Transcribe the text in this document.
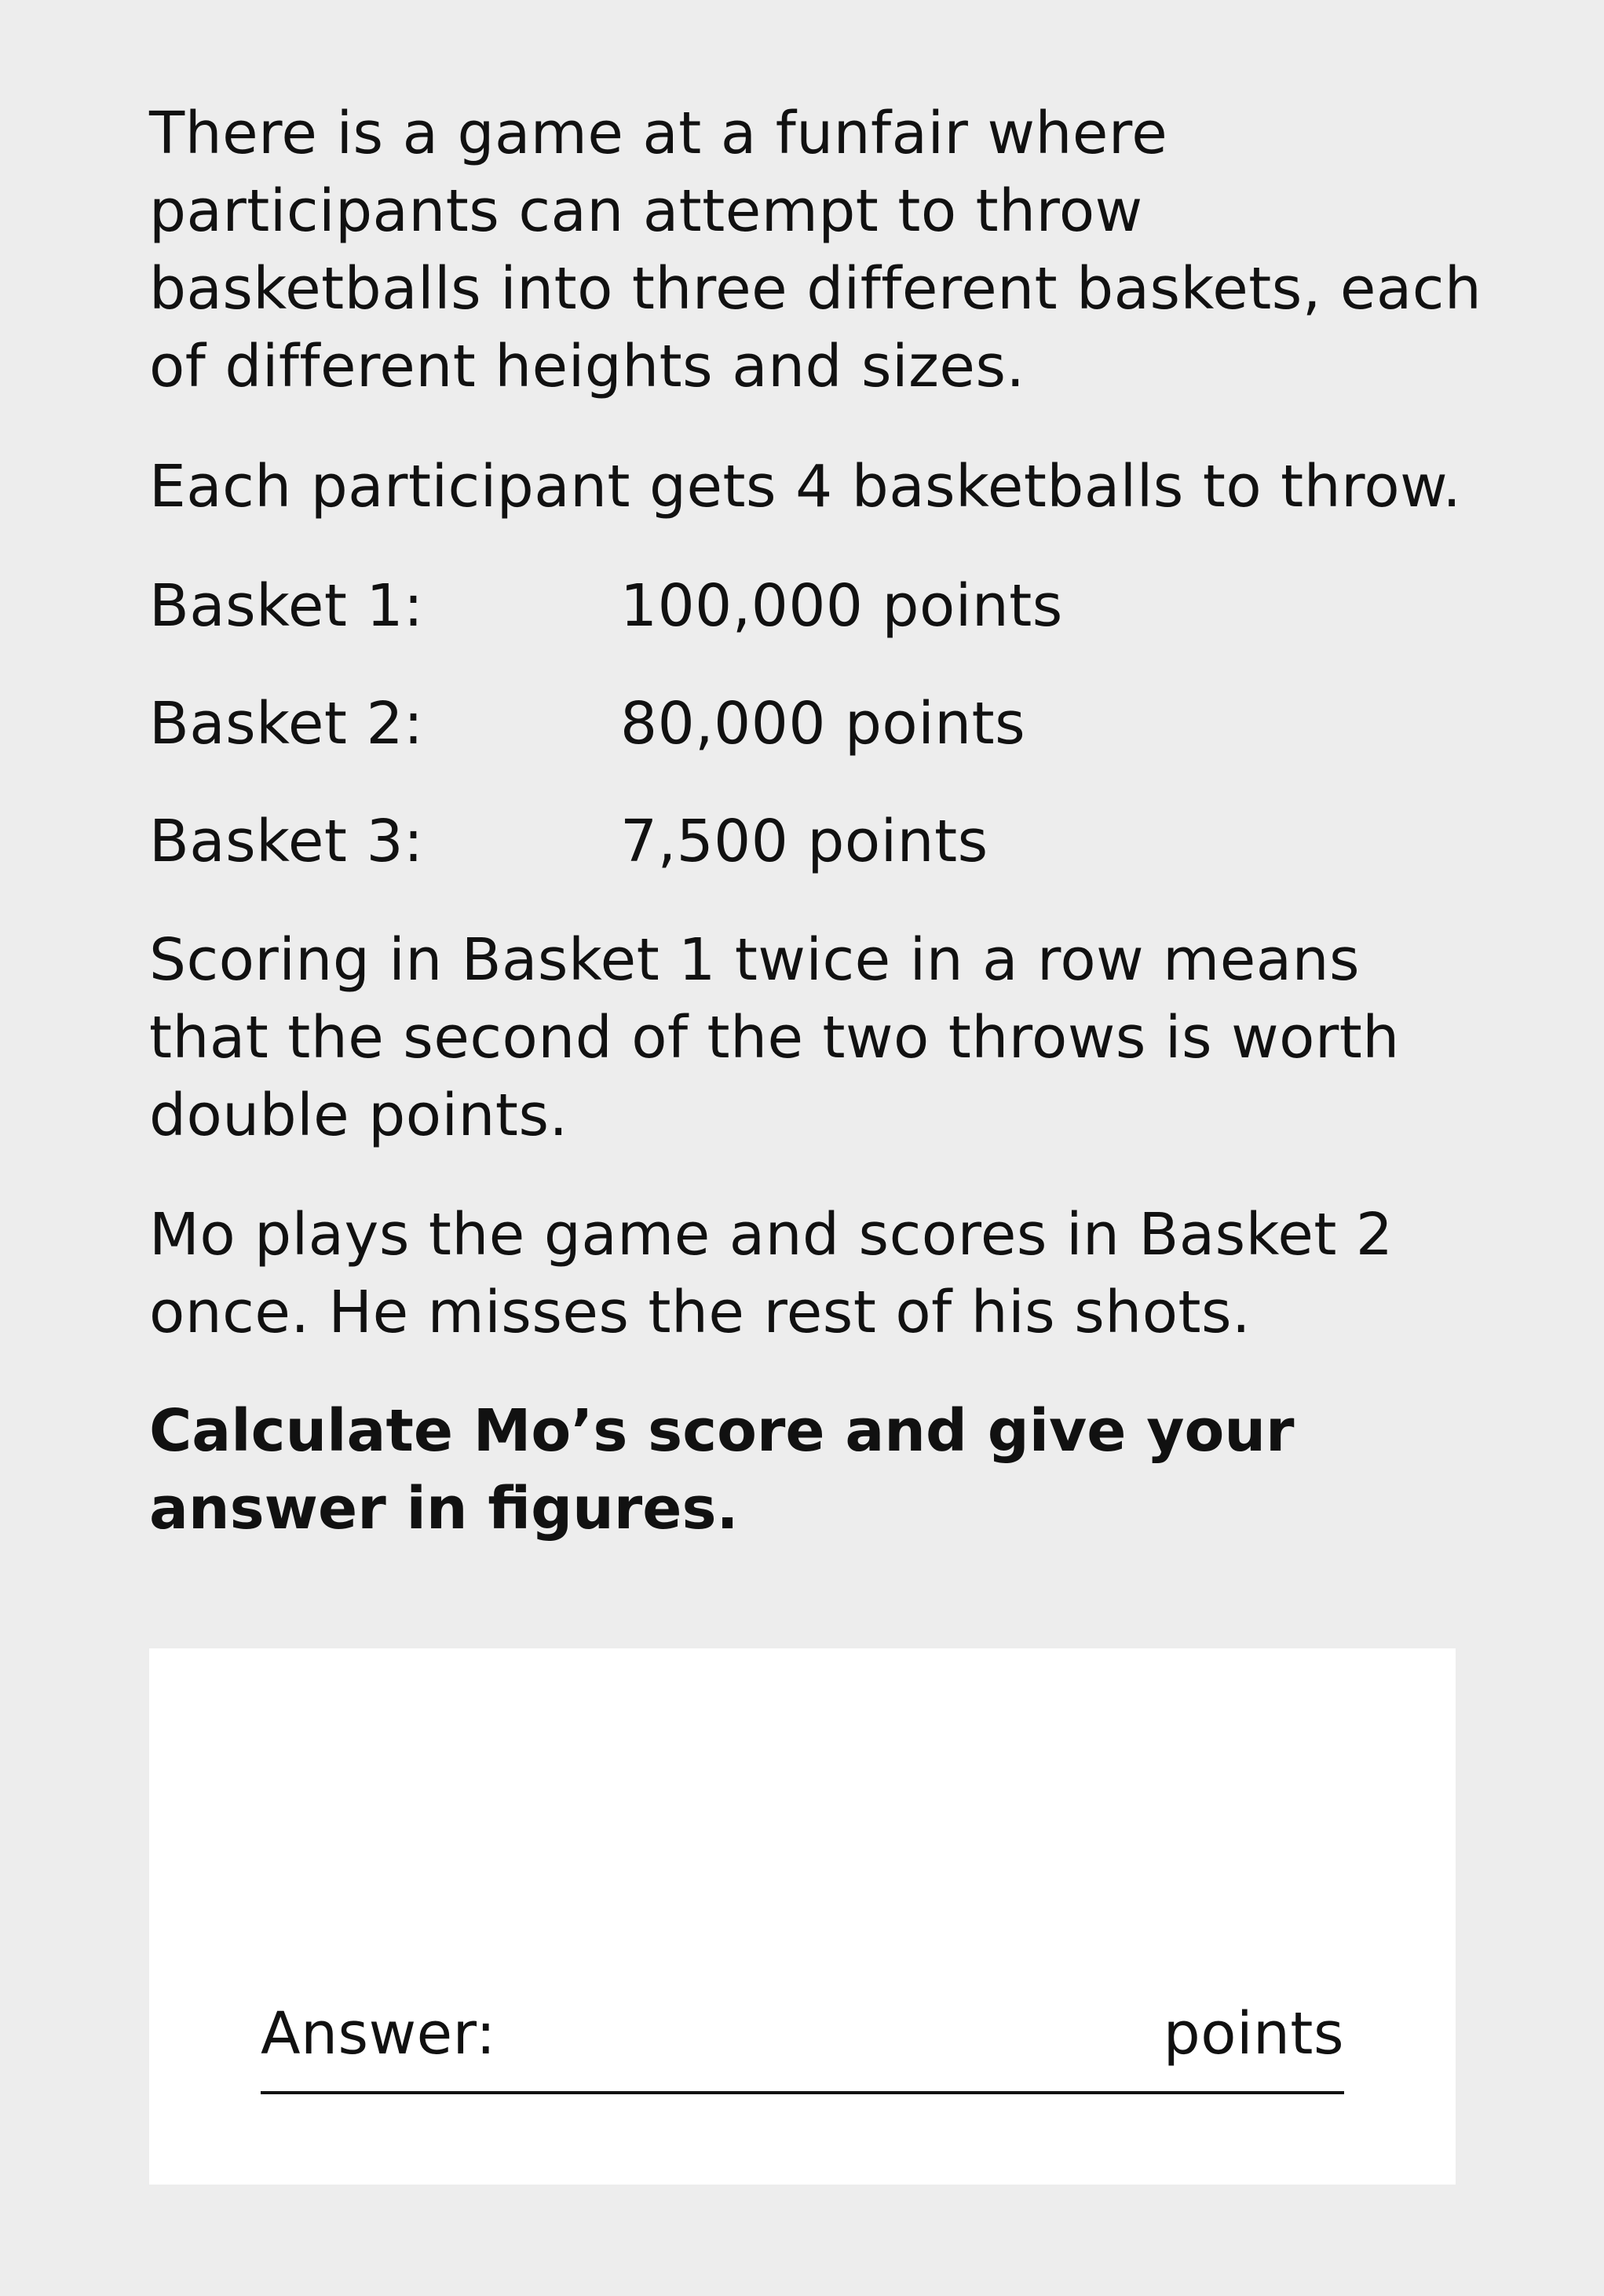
There is a game at a funfair where participants can attempt to throw basketballs into three different baskets, each of different heights and sizes.

Each participant gets 4 basketballs to throw.

Basket 1:	100,000 points
Basket 2:	80,000 points
Basket 3:	7,500 points

Scoring in Basket 1 twice in a row means that the second of the two throws is worth double points.

Mo plays the game and scores in Basket 2 once. He misses the rest of his shots.

Calculate Mo’s score and give your answer in figures.

Answer:	points
